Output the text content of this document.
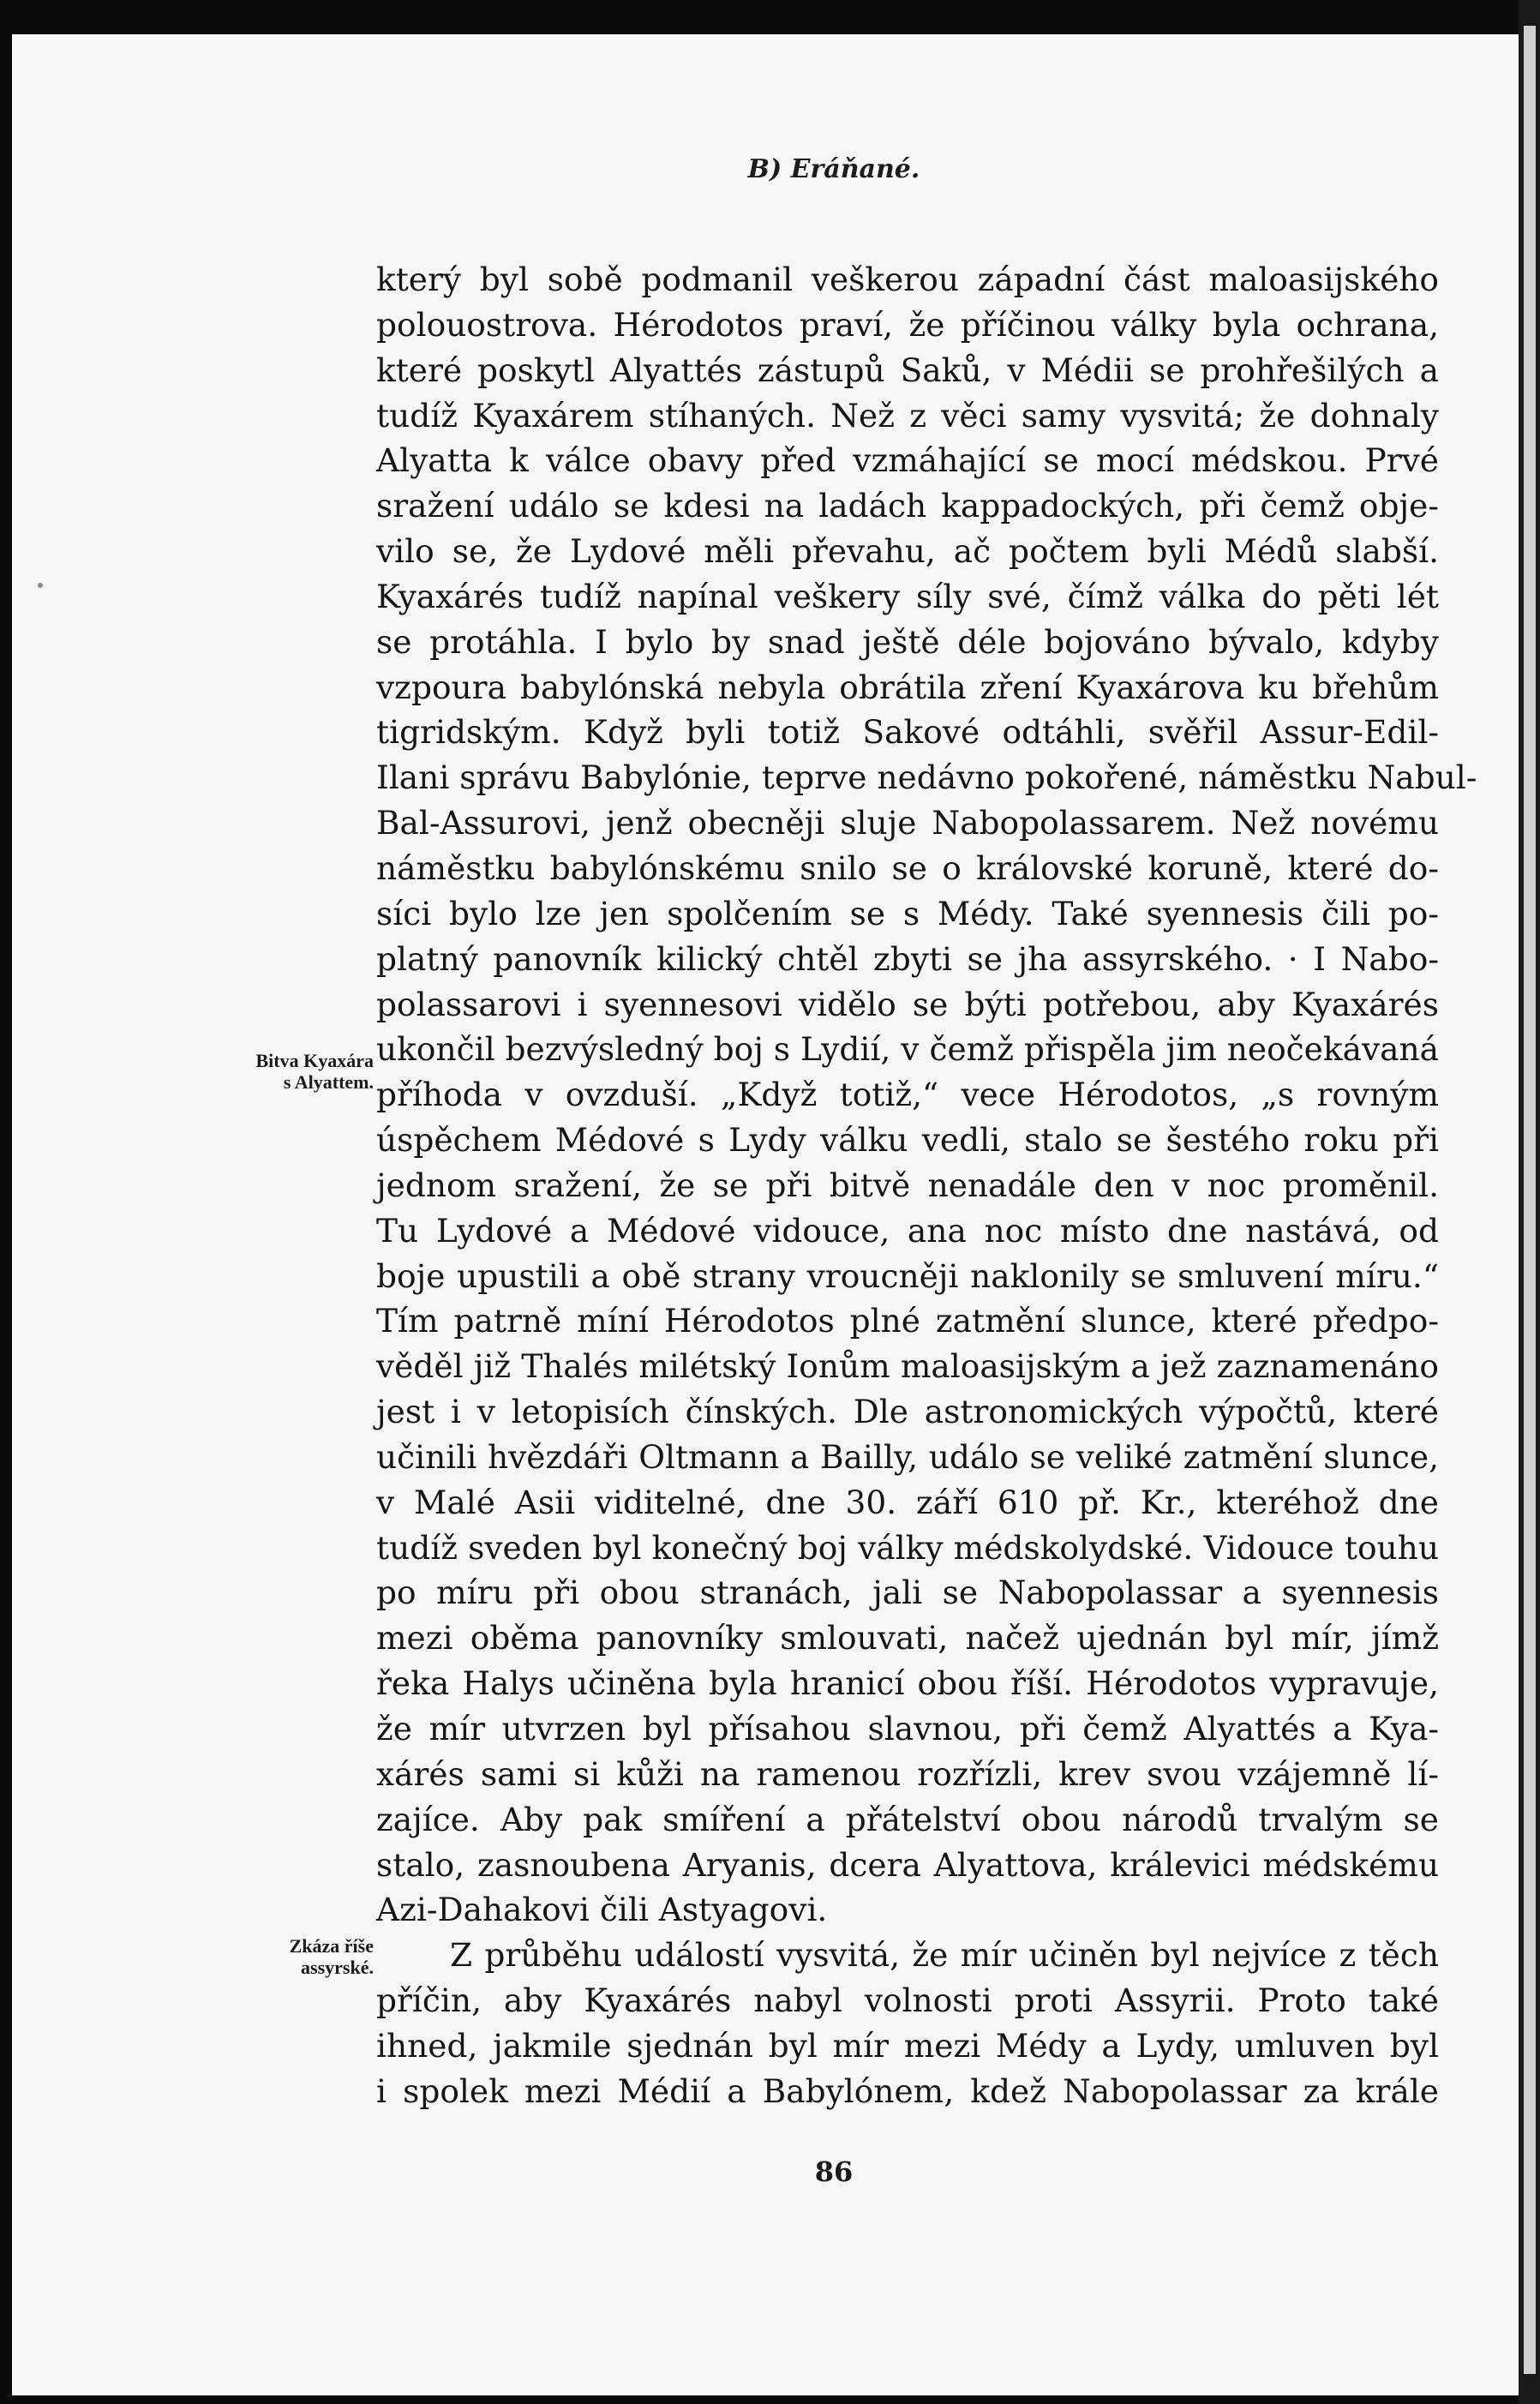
B) Eráňané.
který byl sobě podmanil veškerou západní část maloasijského
polouostrova. Hérodotos praví, že příčinou války byla ochrana,
které poskytl Alyattés zástupů Saků, v Médii se prohřešilých a
tudíž Kyaxárem stíhaných. Než z věci samy vysvitá; že dohnaly
Alyatta k válce obavy před vzmáhající se mocí médskou. Prvé
sražení událo se kdesi na ladách kappadockých, při čemž obje-
vilo se, že Lydové měli převahu, ač počtem byli Médů slabší.
Kyaxárés tudíž napínal veškery síly své, čímž válka do pěti lét
se protáhla. I bylo by snad ještě déle bojováno bývalo, kdyby
vzpoura babylónská nebyla obrátila zření Kyaxárova ku břehům
tigridským. Když byli totiž Sakové odtáhli, svěřil Assur-Edil-
Ilani správu Babylónie, teprve nedávno pokořené, náměstku Nabul-
Bal-Assurovi, jenž obecněji sluje Nabopolassarem. Než novému
náměstku babylónskému snilo se o královské koruně, které do-
síci bylo lze jen spolčením se s Médy. Také syennesis čili po-
platný panovník kilický chtěl zbyti se jha assyrského. · I Nabo-
polassarovi i syennesovi vidělo se býti potřebou, aby Kyaxárés
ukončil bezvýsledný boj s Lydií, v čemž přispěla jim neočekávaná
příhoda v ovzduší. „Když totiž,“ vece Hérodotos, „s rovným
úspěchem Médové s Lydy válku vedli, stalo se šestého roku při
jednom sražení, že se při bitvě nenadále den v noc proměnil.
Tu Lydové a Médové vidouce, ana noc místo dne nastává, od
boje upustili a obě strany vroucněji naklonily se smluvení míru.“
Tím patrně míní Hérodotos plné zatmění slunce, které předpo-
věděl již Thalés milétský Ionům maloasijským a jež zaznamenáno
jest i v letopisích čínských. Dle astronomických výpočtů, které
učinili hvězdáři Oltmann a Bailly, událo se veliké zatmění slunce,
v Malé Asii viditelné, dne 30. září 610 př. Kr., kteréhož dne
tudíž sveden byl konečný boj války médskolydské. Vidouce touhu
po míru při obou stranách, jali se Nabopolassar a syennesis
mezi oběma panovníky smlouvati, načež ujednán byl mír, jímž
řeka Halys učiněna byla hranicí obou říší. Hérodotos vypravuje,
že mír utvrzen byl přísahou slavnou, při čemž Alyattés a Kya-
xárés sami si kůži na ramenou rozřízli, krev svou vzájemně lí-
zajíce. Aby pak smíření a přátelství obou národů trvalým se
stalo, zasnoubena Aryanis, dcera Alyattova, králevici médskému
Azi-Dahakovi čili Astyagovi.
Z průběhu událostí vysvitá, že mír učiněn byl nejvíce z těch
příčin, aby Kyaxárés nabyl volnosti proti Assyrii. Proto také
ihned, jakmile sjednán byl mír mezi Médy a Lydy, umluven byl
i spolek mezi Médií a Babylónem, kdež Nabopolassar za krále
Bitva Kyaxára
s Alyattem.
Zkáza říše
assyrské.
86
